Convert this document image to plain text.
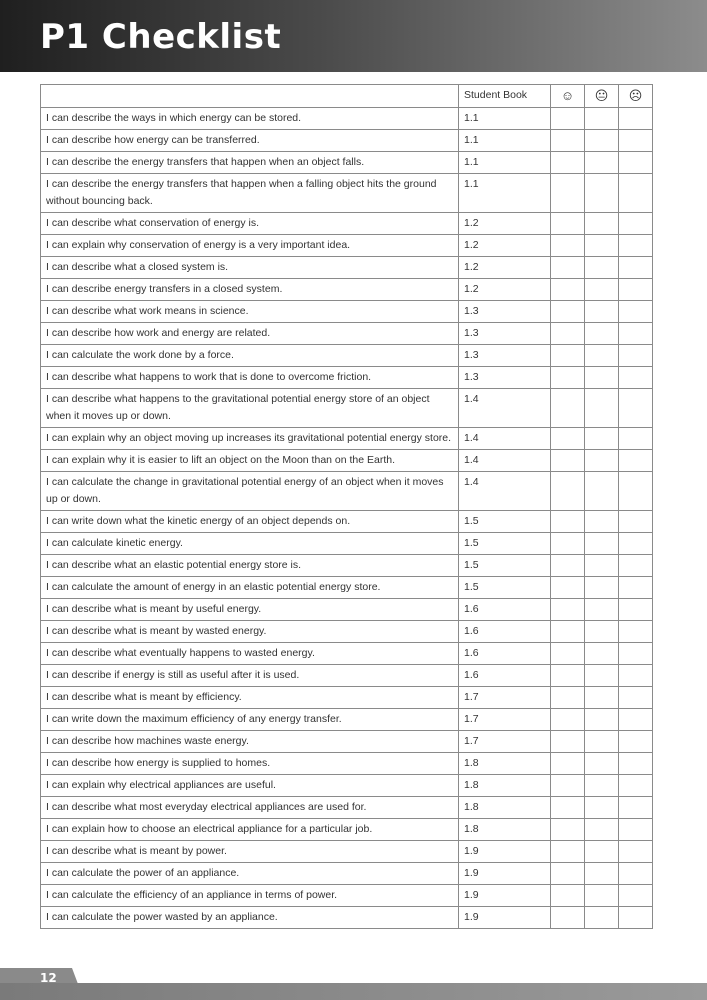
P1 Checklist
	Student Book	☺	😐	☹
I can describe the ways in which energy can be stored.	1.1			
I can describe how energy can be transferred.	1.1			
I can describe the energy transfers that happen when an object falls.	1.1			
I can describe the energy transfers that happen when a falling object hits the ground without bouncing back.	1.1			
I can describe what conservation of energy is.	1.2			
I can explain why conservation of energy is a very important idea.	1.2			
I can describe what a closed system is.	1.2			
I can describe energy transfers in a closed system.	1.2			
I can describe what work means in science.	1.3			
I can describe how work and energy are related.	1.3			
I can calculate the work done by a force.	1.3			
I can describe what happens to work that is done to overcome friction.	1.3			
I can describe what happens to the gravitational potential energy store of an object when it moves up or down.	1.4			
I can explain why an object moving up increases its gravitational potential energy store.	1.4			
I can explain why it is easier to lift an object on the Moon than on the Earth.	1.4			
I can calculate the change in gravitational potential energy of an object when it moves up or down.	1.4			
I can write down what the kinetic energy of an object depends on.	1.5			
I can calculate kinetic energy.	1.5			
I can describe what an elastic potential energy store is.	1.5			
I can calculate the amount of energy in an elastic potential energy store.	1.5			
I can describe what is meant by useful energy.	1.6			
I can describe what is meant by wasted energy.	1.6			
I can describe what eventually happens to wasted energy.	1.6			
I can describe if energy is still as useful after it is used.	1.6			
I can describe what is meant by efficiency.	1.7			
I can write down the maximum efficiency of any energy transfer.	1.7			
I can describe how machines waste energy.	1.7			
I can describe how energy is supplied to homes.	1.8			
I can explain why electrical appliances are useful.	1.8			
I can describe what most everyday electrical appliances are used for.	1.8			
I can explain how to choose an electrical appliance for a particular job.	1.8			
I can describe what is meant by power.	1.9			
I can calculate the power of an appliance.	1.9			
I can calculate the efficiency of an appliance in terms of power.	1.9			
I can calculate the power wasted by an appliance.	1.9			
12
